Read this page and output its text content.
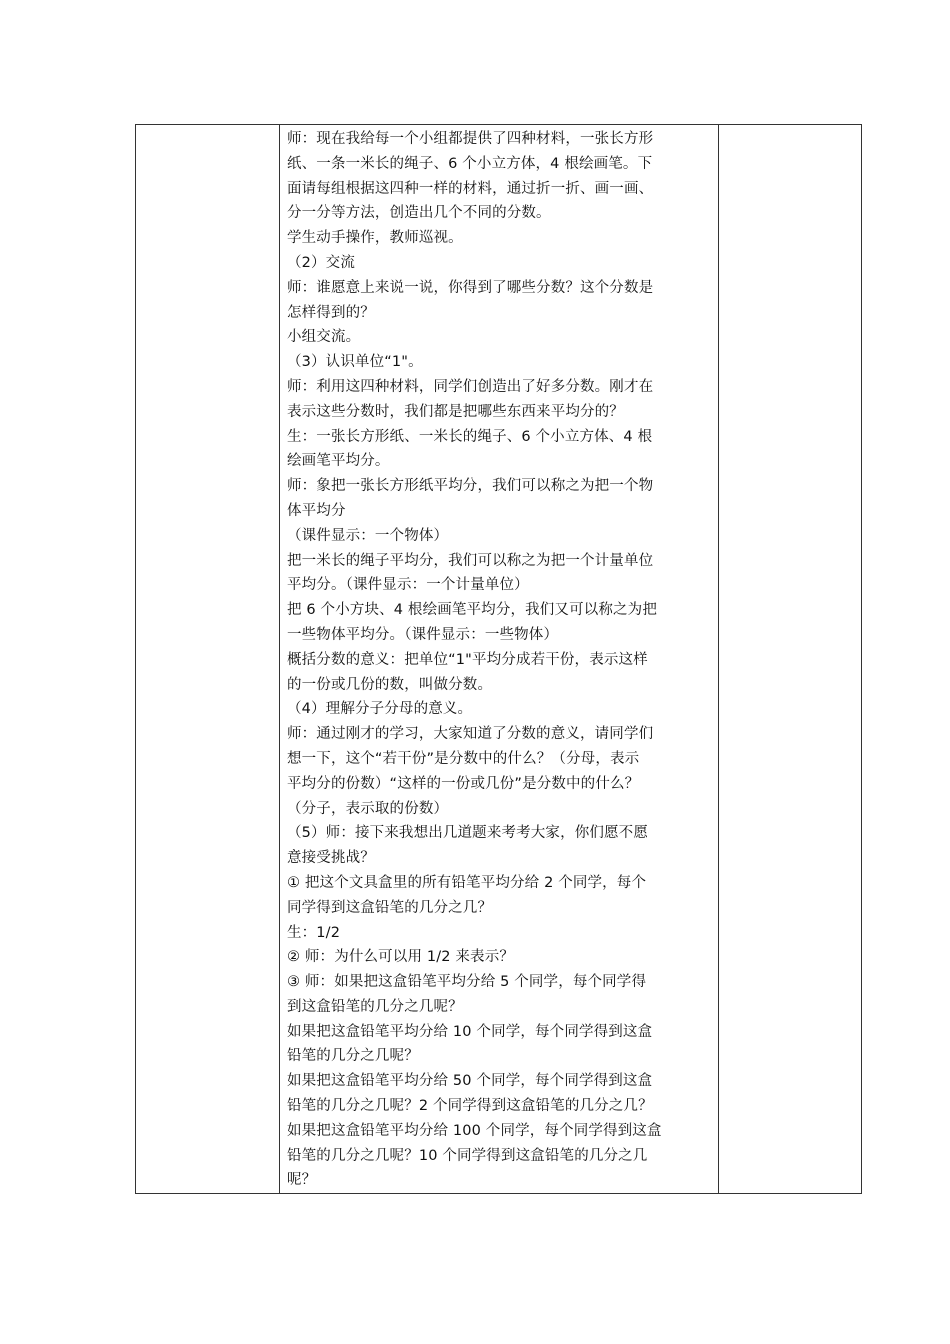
师：现在我给每一个小组都提供了四种材料，一张长方形
纸、一条一米长的绳子、6 个小立方体，4 根绘画笔。下
面请每组根据这四种一样的材料，通过折一折、画一画、
分一分等方法，创造出几个不同的分数。
学生动手操作，教师巡视。
（2）交流
师：谁愿意上来说一说，你得到了哪些分数？这个分数是
怎样得到的？
小组交流。
（3）认识单位“1"。
师：利用这四种材料，同学们创造出了好多分数。刚才在
表示这些分数时，我们都是把哪些东西来平均分的？
生：一张长方形纸、一米长的绳子、6 个小立方体、4 根
绘画笔平均分。
师：象把一张长方形纸平均分，我们可以称之为把一个物
体平均分
（课件显示：一个物体）
把一米长的绳子平均分，我们可以称之为把一个计量单位
平均分。（课件显示：一个计量单位）
把 6 个小方块、4 根绘画笔平均分，我们又可以称之为把
一些物体平均分。（课件显示：一些物体）
概括分数的意义：把单位“1"平均分成若干份，表示这样
的一份或几份的数，叫做分数。
（4）理解分子分母的意义。
师：通过刚才的学习，大家知道了分数的意义，请同学们
想一下，这个“若干份”是分数中的什么？（分母，表示
平均分的份数）“这样的一份或几份”是分数中的什么？
（分子，表示取的份数）
（5）师：接下来我想出几道题来考考大家，你们愿不愿
意接受挑战？
① 把这个文具盒里的所有铅笔平均分给 2 个同学，每个
同学得到这盒铅笔的几分之几？
生：1/2
② 师：为什么可以用 1/2 来表示？
③ 师：如果把这盒铅笔平均分给 5 个同学，每个同学得
到这盒铅笔的几分之几呢？
如果把这盒铅笔平均分给 10 个同学，每个同学得到这盒
铅笔的几分之几呢？
如果把这盒铅笔平均分给 50 个同学，每个同学得到这盒
铅笔的几分之几呢？2 个同学得到这盒铅笔的几分之几？
如果把这盒铅笔平均分给 100 个同学，每个同学得到这盒
铅笔的几分之几呢？10 个同学得到这盒铅笔的几分之几
呢？
